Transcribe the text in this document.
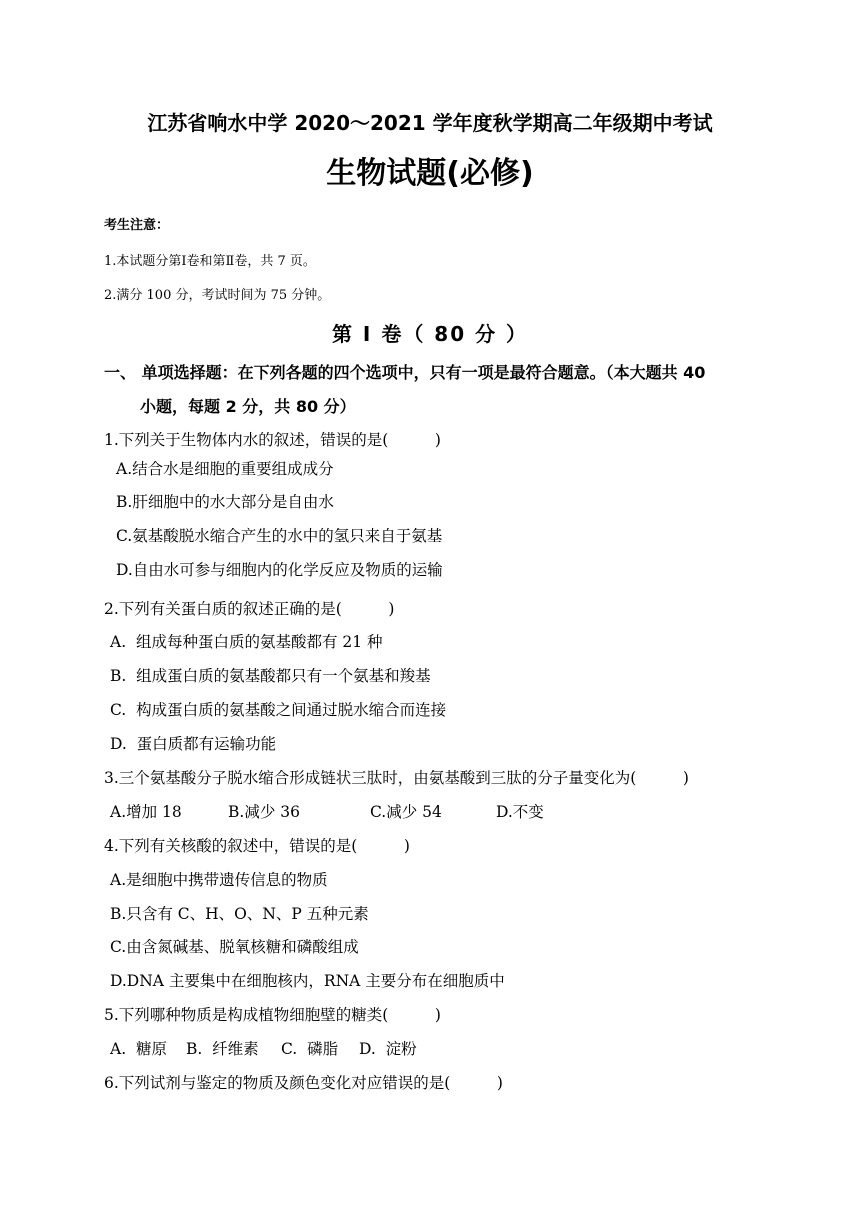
江苏省响水中学 2020～2021 学年度秋学期高二年级期中考试
生物试题(必修)
考生注意：
1.本试题分第Ⅰ卷和第Ⅱ卷，共 7 页。
2.满分 100 分，考试时间为 75 分钟。
第 Ⅰ 卷（ 80 分 ）
一、 单项选择题：在下列各题的四个选项中，只有一项是最符合题意。（本大题共 40
小题，每题 2 分，共 80 分）
1.下列关于生物体内水的叙述，错误的是(　　　)
A.结合水是细胞的重要组成成分
B.肝细胞中的水大部分是自由水
C.氨基酸脱水缩合产生的水中的氢只来自于氨基
D.自由水可参与细胞内的化学反应及物质的运输
2.下列有关蛋白质的叙述正确的是(　　　)
A.  组成每种蛋白质的氨基酸都有 21 种
B.  组成蛋白质的氨基酸都只有一个氨基和羧基
C.  构成蛋白质的氨基酸之间通过脱水缩合而连接
D.  蛋白质都有运输功能
3.三个氨基酸分子脱水缩合形成链状三肽时，由氨基酸到三肽的分子量变化为(　　　)
A.增加 18	B.减少 36	C.减少 54	D.不变
4.下列有关核酸的叙述中，错误的是(　　　)
A.是细胞中携带遗传信息的物质
B.只含有 C、H、O、N、P 五种元素
C.由含氮碱基、脱氧核糖和磷酸组成
D.DNA 主要集中在细胞核内，RNA 主要分布在细胞质中
5.下列哪种物质是构成植物细胞壁的糖类(　　　)
A.  糖原	B.  纤维素	C.  磷脂	D.  淀粉
6.下列试剂与鉴定的物质及颜色变化对应错误的是(　　　)
